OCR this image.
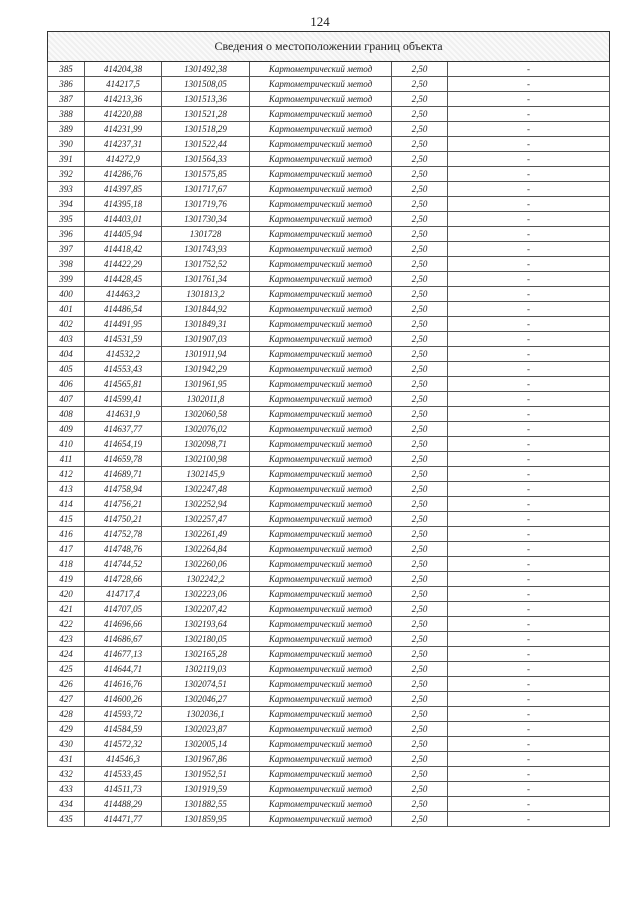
124
Сведения о местоположении границ объекта					
385	414204,38	1301492,38	Картометрический метод	2,50	-
386	414217,5	1301508,05	Картометрический метод	2,50	-
387	414213,36	1301513,36	Картометрический метод	2,50	-
388	414220,88	1301521,28	Картометрический метод	2,50	-
389	414231,99	1301518,29	Картометрический метод	2,50	-
390	414237,31	1301522,44	Картометрический метод	2,50	-
391	414272,9	1301564,33	Картометрический метод	2,50	-
392	414286,76	1301575,85	Картометрический метод	2,50	-
393	414397,85	1301717,67	Картометрический метод	2,50	-
394	414395,18	1301719,76	Картометрический метод	2,50	-
395	414403,01	1301730,34	Картометрический метод	2,50	-
396	414405,94	1301728	Картометрический метод	2,50	-
397	414418,42	1301743,93	Картометрический метод	2,50	-
398	414422,29	1301752,52	Картометрический метод	2,50	-
399	414428,45	1301761,34	Картометрический метод	2,50	-
400	414463,2	1301813,2	Картометрический метод	2,50	-
401	414486,54	1301844,92	Картометрический метод	2,50	-
402	414491,95	1301849,31	Картометрический метод	2,50	-
403	414531,59	1301907,03	Картометрический метод	2,50	-
404	414532,2	1301911,94	Картометрический метод	2,50	-
405	414553,43	1301942,29	Картометрический метод	2,50	-
406	414565,81	1301961,95	Картометрический метод	2,50	-
407	414599,41	1302011,8	Картометрический метод	2,50	-
408	414631,9	1302060,58	Картометрический метод	2,50	-
409	414637,77	1302076,02	Картометрический метод	2,50	-
410	414654,19	1302098,71	Картометрический метод	2,50	-
411	414659,78	1302100,98	Картометрический метод	2,50	-
412	414689,71	1302145,9	Картометрический метод	2,50	-
413	414758,94	1302247,48	Картометрический метод	2,50	-
414	414756,21	1302252,94	Картометрический метод	2,50	-
415	414750,21	1302257,47	Картометрический метод	2,50	-
416	414752,78	1302261,49	Картометрический метод	2,50	-
417	414748,76	1302264,84	Картометрический метод	2,50	-
418	414744,52	1302260,06	Картометрический метод	2,50	-
419	414728,66	1302242,2	Картометрический метод	2,50	-
420	414717,4	1302223,06	Картометрический метод	2,50	-
421	414707,05	1302207,42	Картометрический метод	2,50	-
422	414696,66	1302193,64	Картометрический метод	2,50	-
423	414686,67	1302180,05	Картометрический метод	2,50	-
424	414677,13	1302165,28	Картометрический метод	2,50	-
425	414644,71	1302119,03	Картометрический метод	2,50	-
426	414616,76	1302074,51	Картометрический метод	2,50	-
427	414600,26	1302046,27	Картометрический метод	2,50	-
428	414593,72	1302036,1	Картометрический метод	2,50	-
429	414584,59	1302023,87	Картометрический метод	2,50	-
430	414572,32	1302005,14	Картометрический метод	2,50	-
431	414546,3	1301967,86	Картометрический метод	2,50	-
432	414533,45	1301952,51	Картометрический метод	2,50	-
433	414511,73	1301919,59	Картометрический метод	2,50	-
434	414488,29	1301882,55	Картометрический метод	2,50	-
435	414471,77	1301859,95	Картометрический метод	2,50	-
